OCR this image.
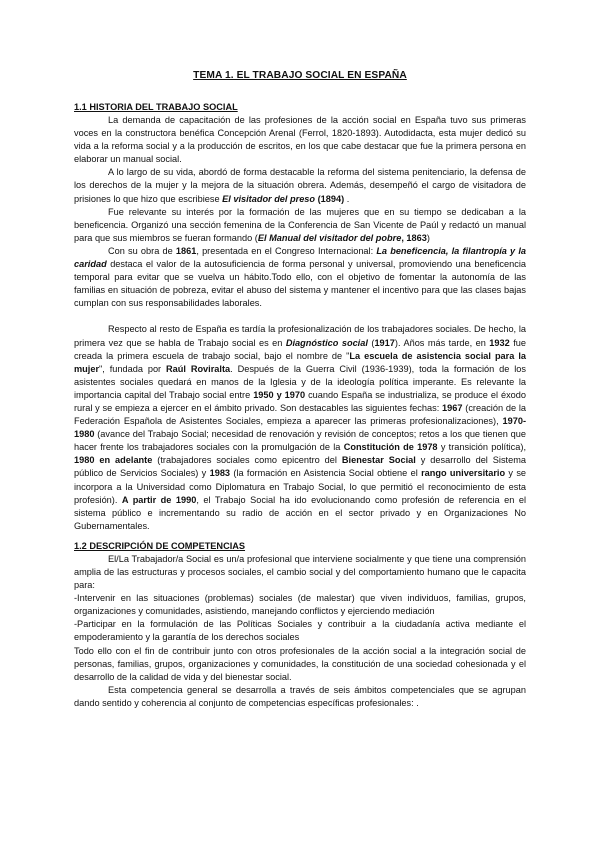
TEMA 1. EL TRABAJO SOCIAL EN ESPAÑA
1.1 HISTORIA DEL TRABAJO SOCIAL

La demanda de capacitación de las profesiones de la acción social en España tuvo sus primeras voces en la constructora benéfica Concepción Arenal (Ferrol, 1820-1893). Autodidacta, esta mujer dedicó su vida a la reforma social y a la producción de escritos, en los que cabe destacar que fue la primera persona en elaborar un manual social.

A lo largo de su vida, abordó de forma destacable la reforma del sistema penitenciario, la defensa de los derechos de la mujer y la mejora de la situación obrera. Además, desempeñó el cargo de visitadora de prisiones lo que hizo que escribiese El visitador del preso (1894) .

Fue relevante su interés por la formación de las mujeres que en su tiempo se dedicaban a la beneficencia. Organizó una sección femenina de la Conferencia de San Vicente de Paúl y redactó un manual para que sus miembros se fueran formando (El Manual del visitador del pobre, 1863)

Con su obra de 1861, presentada en el Congreso Internacional: La beneficencia, la filantropía y la caridad destaca el valor de la autosuficiencia de forma personal y universal, promoviendo una beneficencia temporal para evitar que se vuelva un hábito.Todo ello, con el objetivo de fomentar la autonomía de las familias en situación de pobreza, evitar el abuso del sistema y mantener el incentivo para que las clases bajas cumplan con sus responsabilidades laborales.

Respecto al resto de España es tardía la profesionalización de los trabajadores sociales. De hecho, la primera vez que se habla de Trabajo social es en Diagnóstico social (1917). Años más tarde, en 1932 fue creada la primera escuela de trabajo social, bajo el nombre de "La escuela de asistencia social para la mujer", fundada por Raúl Roviralta. Después de la Guerra Civil (1936-1939), toda la formación de los asistentes sociales quedará en manos de la Iglesia y de la ideología política imperante. Es relevante la importancia capital del Trabajo social entre 1950 y 1970 cuando España se industrializa, se produce el éxodo rural y se empieza a ejercer en el ámbito privado. Son destacables las siguientes fechas: 1967 (creación de la Federación Española de Asistentes Sociales, empieza a aparecer las primeras profesionalizaciones), 1970-1980 (avance del Trabajo Social; necesidad de renovación y revisión de conceptos; retos a los que tienen que hacer frente los trabajadores sociales con la promulgación de la Constitución de 1978 y transición política), 1980 en adelante (trabajadores sociales como epicentro del Bienestar Social y desarrollo del Sistema público de Servicios Sociales) y 1983 (la formación en Asistencia Social obtiene el rango universitario y se incorpora a la Universidad como Diplomatura en Trabajo Social, lo que permitió el reconocimiento de esta profesión). A partir de 1990, el Trabajo Social ha ido evolucionando como profesión de referencia en el sistema público e incrementando su radio de acción en el sector privado y en Organizaciones No Gubernamentales.

1.2 DESCRIPCIÓN DE COMPETENCIAS

El/La Trabajador/a Social es un/a profesional que interviene socialmente y que tiene una comprensión amplia de las estructuras y procesos sociales, el cambio social y del comportamiento humano que le capacita para:

-Intervenir en las situaciones (problemas) sociales (de malestar) que viven individuos, familias, grupos, organizaciones y comunidades, asistiendo, manejando conflictos y ejerciendo mediación

-Participar en la formulación de las Políticas Sociales y contribuir a la ciudadanía activa mediante el empoderamiento y la garantía de los derechos sociales

Todo ello con el fin de contribuir junto con otros profesionales de la acción social a la integración social de personas, familias, grupos, organizaciones y comunidades, la constitución de una sociedad cohesionada y el desarrollo de la calidad de vida y del bienestar social.

Esta competencia general se desarrolla a través de seis ámbitos competenciales que se agrupan dando sentido y coherencia al conjunto de competencias específicas profesionales: .
